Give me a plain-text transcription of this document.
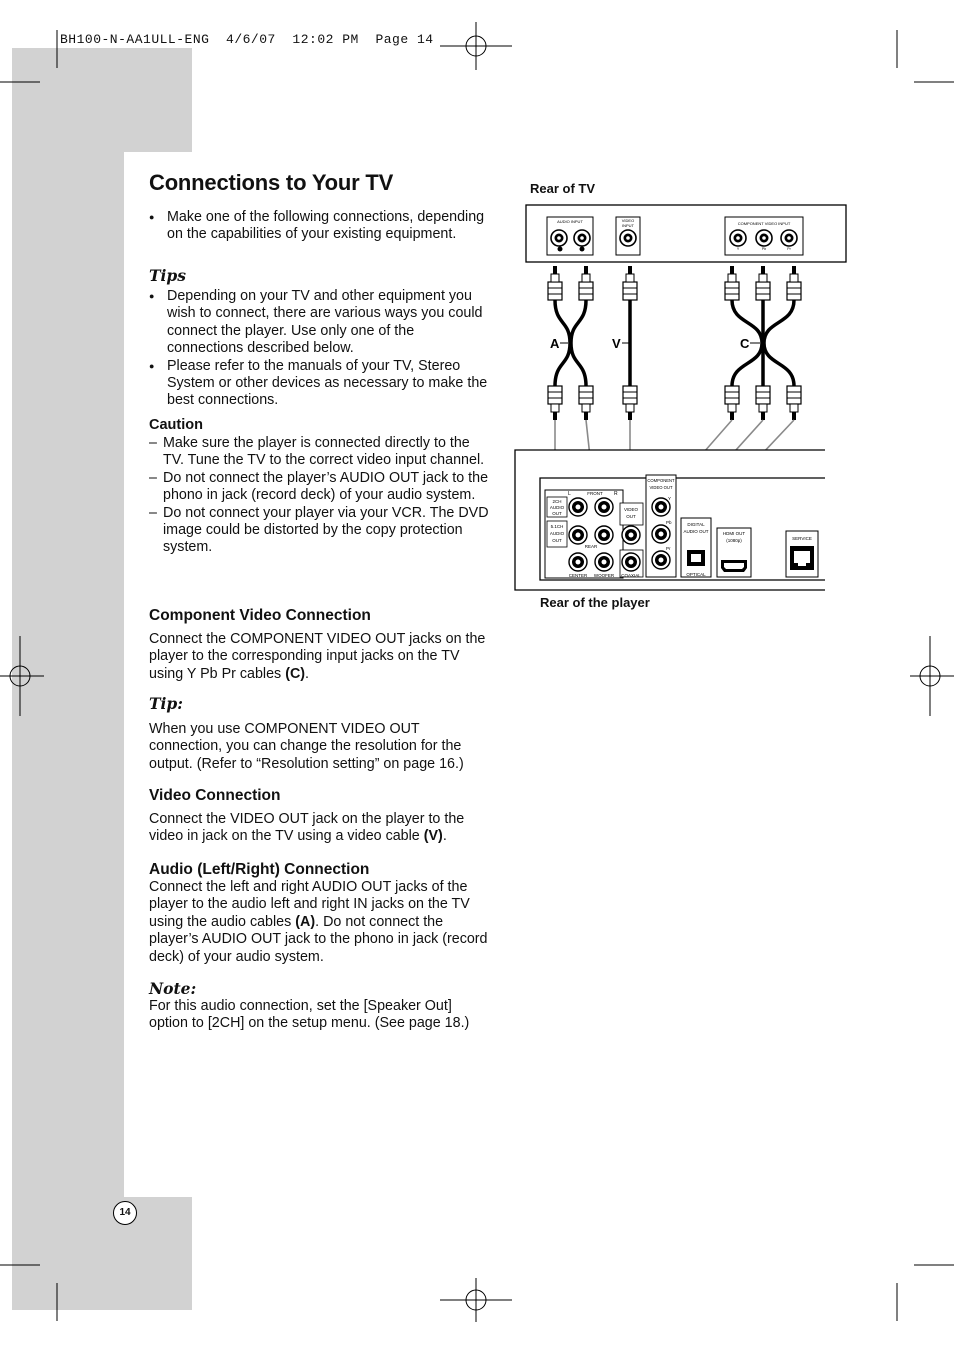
BH100-N-AA1ULL-ENG  4/6/07  12:02 PM  Page 14
Connections to Your TV

● Make one of the following connections, depending on the capabilities of your existing equipment.

Tips

● Depending on your TV and other equipment you wish to connect, there are various ways you could connect the player. Use only one of the connections described below.

● Please refer to the manuals of your TV, Stereo System or other devices as necessary to make the best connections.

Caution

– Make sure the player is connected directly to the TV. Tune the TV to the correct video input channel.

– Do not connect the player’s AUDIO OUT jack to the phono in jack (record deck) of your audio system.

– Do not connect your player via your VCR. The DVD image could be distorted by the copy protection system.

Component Video Connection

Connect the COMPONENT VIDEO OUT jacks on the player to the corresponding input jacks on the TV using Y Pb Pr cables (C).

Tip:

When you use COMPONENT VIDEO OUT connection, you can change the resolution for the output. (Refer to “Resolution setting” on page 16.)

Video Connection

Connect the VIDEO OUT jack on the player to the video in jack on the TV using a video cable (V).

Audio (Left/Right) Connection

Connect the left and right AUDIO OUT jacks of the player to the audio left and right IN jacks on the TV using the audio cables (A). Do not connect the player’s AUDIO OUT jack to the phono in jack (record deck) of your audio system.

Note:

For this audio connection, set the [Speaker Out] option to [2CH] on the setup menu. (See page 18.)

Rear of TV
Rear of the player
AUDIO INPUT	VIDEO
INPUT	COMPONENT VIDEO INPUT
Y	Pb	Pr
A	V	C
2CH
AUDIO
OUT
5.1CH
AUDIO
OUT
FRONT
L	R
REAR
CENTER WOOFER
VIDEO
OUT
COAXIAL
COMPONENT
VIDEO OUT
Y
Pb
Pr
DIGITAL
AUDIO OUT
OPTICAL
HDMI OUT
(1080p)	SERVICE
14
